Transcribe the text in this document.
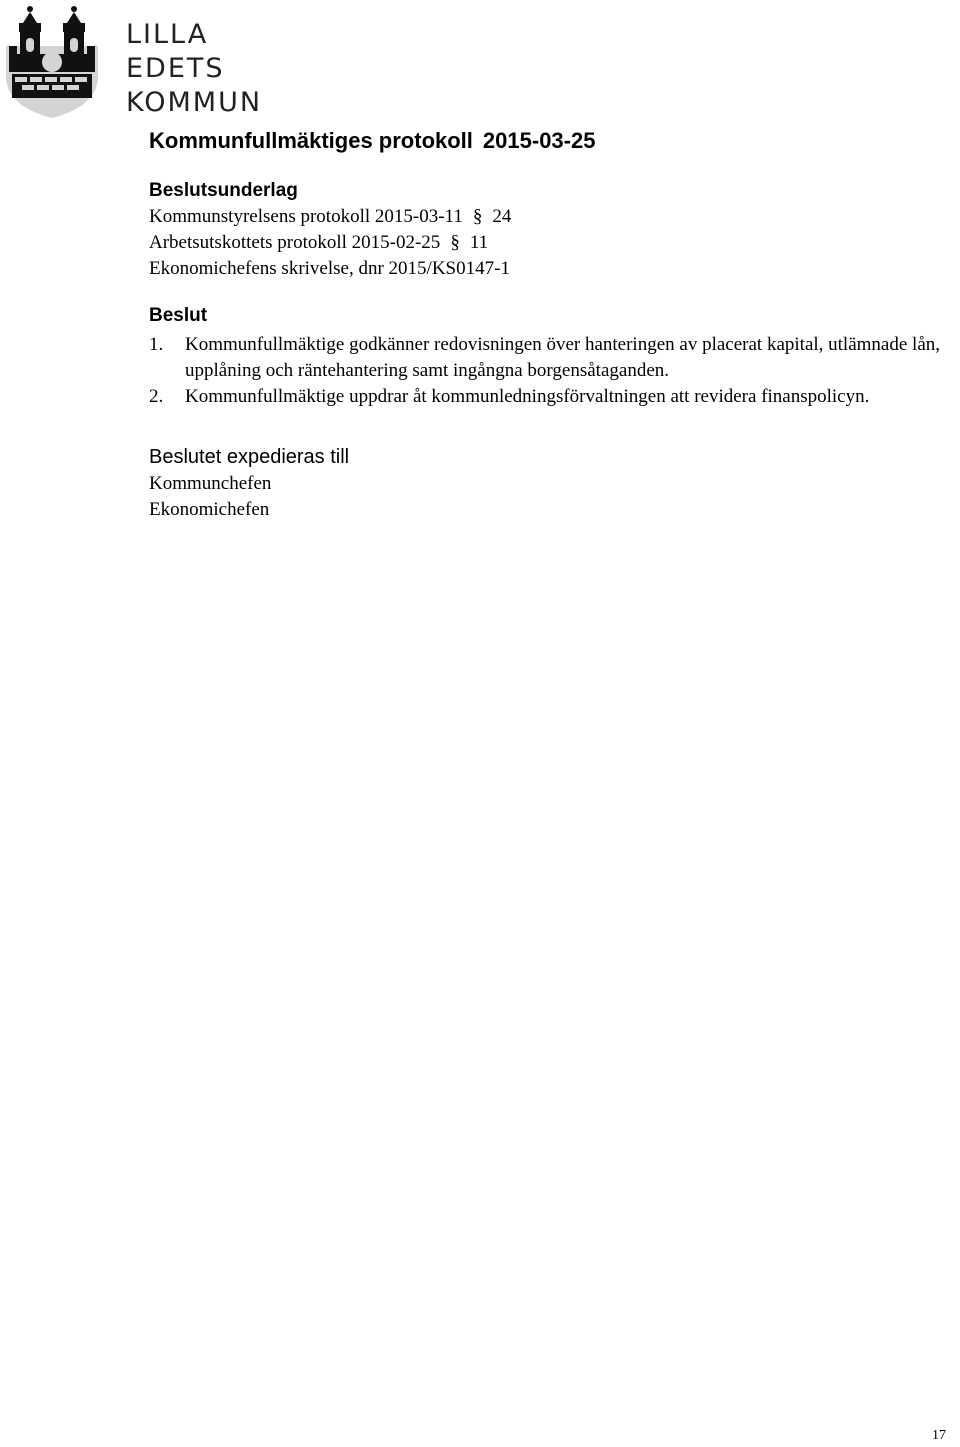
LILLA EDETS
KOMMUN
Kommunfullmäktiges protokoll 2015-03-25
Beslutsunderlag

Kommunstyrelsens protokoll 2015-03-11 § 24

Arbetsutskottets protokoll 2015-02-25 § 11

Ekonomichefens skrivelse, dnr 2015/KS0147-1

Beslut
1. Kommunfullmäktige godkänner redovisningen över hanteringen av placerat kapital, utlämnade lån, upplåning och räntehantering samt ingångna borgensåtaganden.
2. Kommunfullmäktige uppdrar åt kommunledningsförvaltningen att revidera finanspolicyn.
Beslutet expedieras till

Kommunchefen

Ekonomichefen

17
